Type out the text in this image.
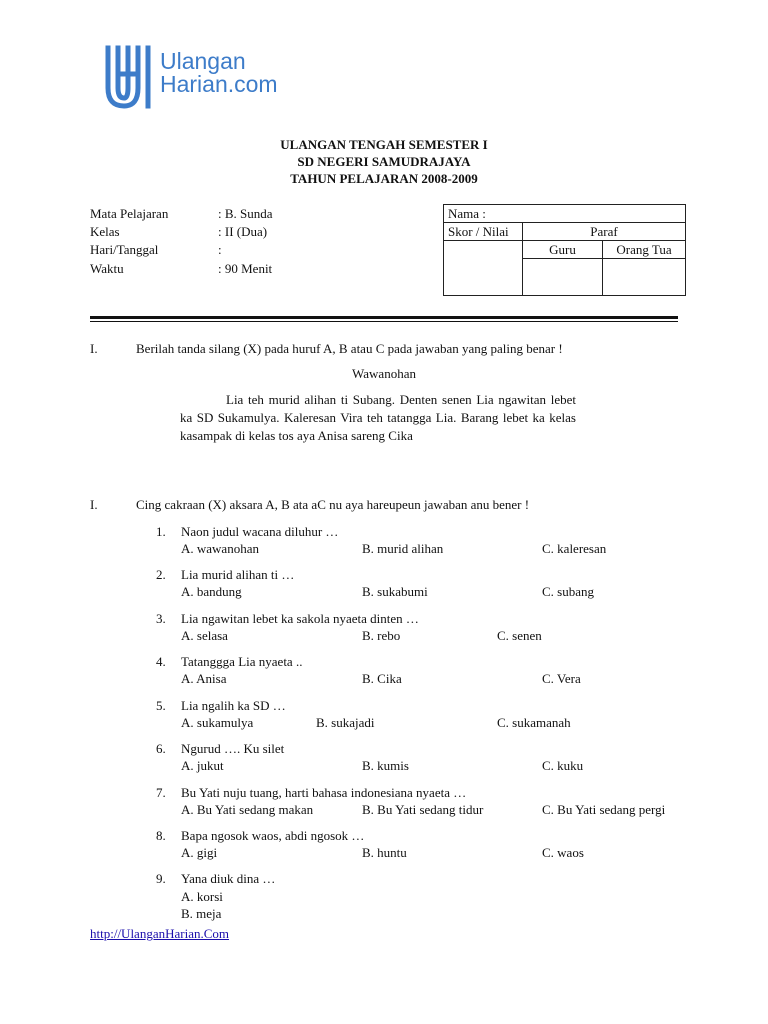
Ulangan
Harian.com
ULANGAN TENGAH SEMESTER I
SD NEGERI SAMUDRAJAYA
TAHUN PELAJARAN 2008-2009
Mata Pelajaran	: B. Sunda
Kelas	: II (Dua)
Hari/Tanggal	:
Waktu	: 90 Menit
Nama :		
Skor / Nilai	Paraf	
	Guru	Orang Tua

I.	Berilah tanda silang (X) pada huruf A, B atau C pada jawaban yang paling benar !
Wawanohan
Lia teh murid alihan ti Subang. Denten senen Lia ngawitan lebet ka SD Sukamulya. Kaleresan Vira teh tatangga Lia. Barang lebet ka kelas kasampak di kelas tos aya Anisa sareng Cika
I.	Cing cakraan (X) aksara A, B ata aC nu aya hareupeun jawaban anu bener !
1. Naon judul wacana diluhur …
A. wawanohan	B. murid alihan	C. kaleresan
2. Lia murid alihan ti …
A. bandung	B. sukabumi	C. subang
3. Lia ngawitan lebet ka sakola nyaeta dinten …
A. selasa	B. rebo	C. senen
4. Tatanggga Lia nyaeta ..
A. Anisa	B. Cika	C. Vera
5. Lia ngalih ka SD …
A. sukamulya	B. sukajadi	C. sukamanah
6. Ngurud …. Ku silet
A. jukut	B. kumis	C. kuku
7. Bu Yati nuju tuang, harti bahasa indonesiana nyaeta …
A. Bu Yati sedang makan	B. Bu Yati sedang tidur	C. Bu Yati sedang pergi
8. Bapa ngosok waos, abdi ngosok …
A. gigi	B. huntu	C. waos
9. Yana diuk dina …
A. korsi
B. meja
http://UlanganHarian.Com
